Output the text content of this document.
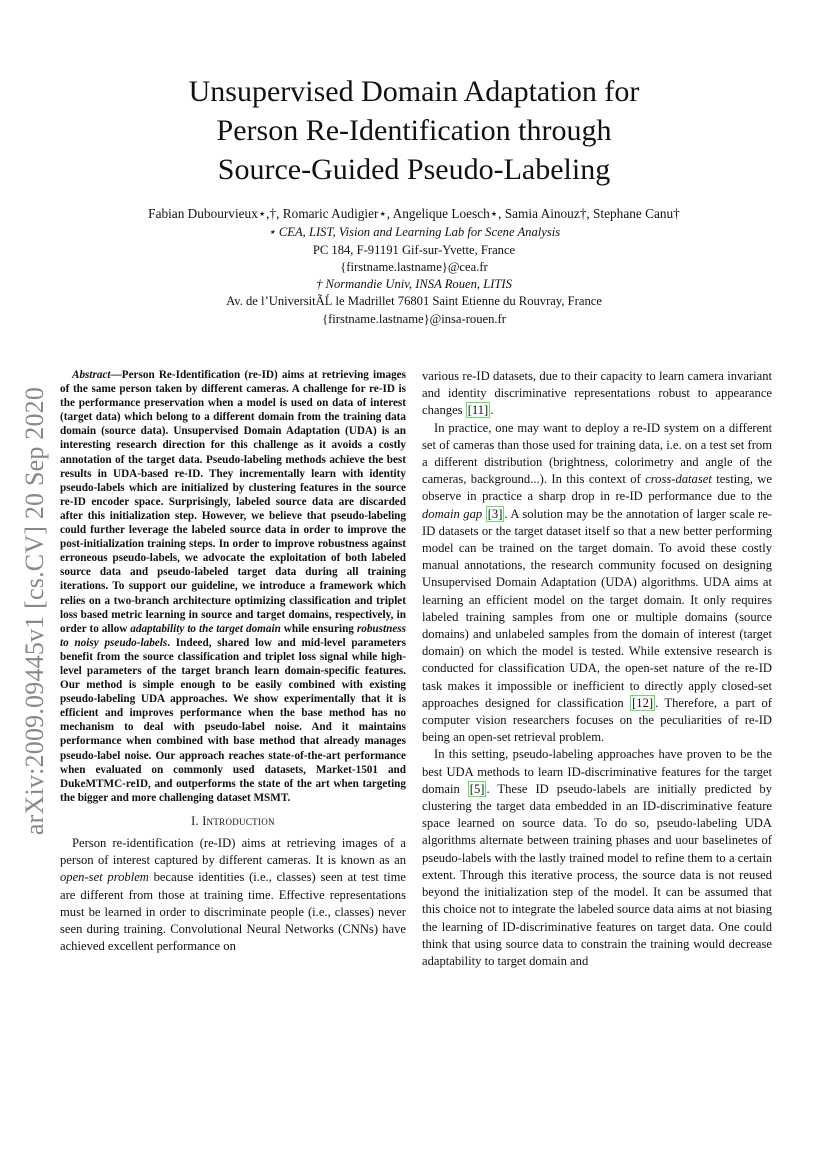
Unsupervised Domain Adaptation for
Person Re-Identification through
Source-Guided Pseudo-Labeling
Fabian Dubourvieux⋆,†, Romaric Audigier⋆, Angelique Loesch⋆, Samia Ainouz†, Stephane Canu†
⋆ CEA, LIST, Vision and Learning Lab for Scene Analysis
PC 184, F-91191 Gif-sur-Yvette, France
{firstname.lastname}@cea.fr
† Normandie Univ, INSA Rouen, LITIS
Av. de l’UniversitÃĹ le Madrillet 76801 Saint Etienne du Rouvray, France
{firstname.lastname}@insa-rouen.fr
arXiv:2009.09445v1 [cs.CV] 20 Sep 2020

Abstract—Person Re-Identification (re-ID) aims at retrieving images of the same person taken by different cameras. A challenge for re-ID is the performance preservation when a model is used on data of interest (target data) which belong to a different domain from the training data domain (source data). Unsupervised Domain Adaptation (UDA) is an interesting research direction for this challenge as it avoids a costly annotation of the target data. Pseudo-labeling methods achieve the best results in UDA-based re-ID. They incrementally learn with identity pseudo-labels which are initialized by clustering features in the source re-ID encoder space. Surprisingly, labeled source data are discarded after this initialization step. However, we believe that pseudo-labeling could further leverage the labeled source data in order to improve the post-initialization training steps. In order to improve robustness against erroneous pseudo-labels, we advocate the exploitation of both labeled source data and pseudo-labeled target data during all training iterations. To support our guideline, we introduce a framework which relies on a two-branch architecture optimizing classification and triplet loss based metric learning in source and target domains, respectively, in order to allow adaptability to the target domain while ensuring robustness to noisy pseudo-labels. Indeed, shared low and mid-level parameters benefit from the source classification and triplet loss signal while high-level parameters of the target branch learn domain-specific features. Our method is simple enough to be easily combined with existing pseudo-labeling UDA approaches. We show experimentally that it is efficient and improves performance when the base method has no mechanism to deal with pseudo-label noise. And it maintains performance when combined with base method that already manages pseudo-label noise. Our approach reaches state-of-the-art performance when evaluated on commonly used datasets, Market-1501 and DukeMTMC-reID, and outperforms the state of the art when targeting the bigger and more challenging dataset MSMT.

I. Introduction

Person re-identification (re-ID) aims at retrieving images of a person of interest captured by different cameras. It is known as an open-set problem because identities (i.e., classes) seen at test time are different from those at training time. Effective representations must be learned in order to discriminate people (i.e., classes) never seen during training. Convolutional Neural Networks (CNNs) have achieved excellent performance on

various re-ID datasets, due to their capacity to learn camera invariant and identity discriminative representations robust to appearance changes [11] .

In practice, one may want to deploy a re-ID system on a different set of cameras than those used for training data, i.e. on a test set from a different distribution (brightness, colorimetry and angle of the cameras, background...). In this context of cross-dataset testing, we observe in practice a sharp drop in re-ID performance due to the domain gap [3] . A solution may be the annotation of larger scale re-ID datasets or the target dataset itself so that a new better performing model can be trained on the target domain. To avoid these costly manual annotations, the research community focused on designing Unsupervised Domain Adaptation (UDA) algorithms. UDA aims at learning an efficient model on the target domain. It only requires labeled training samples from one or multiple domains (source domains) and unlabeled samples from the domain of interest (target domain) on which the model is tested. While extensive research is conducted for classification UDA, the open-set nature of the re-ID task makes it impossible or inefficient to directly apply closed-set approaches designed for classification [12] . Therefore, a part of computer vision researchers focuses on the peculiarities of re-ID being an open-set retrieval problem.

In this setting, pseudo-labeling approaches have proven to be the best UDA methods to learn ID-discriminative features for the target domain [5] . These ID pseudo-labels are initially predicted by clustering the target data embedded in an ID-discriminative feature space learned on source data. To do so, pseudo-labeling UDA algorithms alternate between training phases and uour baselinetes of pseudo-labels with the lastly trained model to refine them to a certain extent. Through this iterative process, the source data is not reused beyond the initialization step of the model. It can be assumed that this choice not to integrate the labeled source data aims at not biasing the learning of ID-discriminative features on target data. One could think that using source data to constrain the training would decrease adaptability to target domain and
